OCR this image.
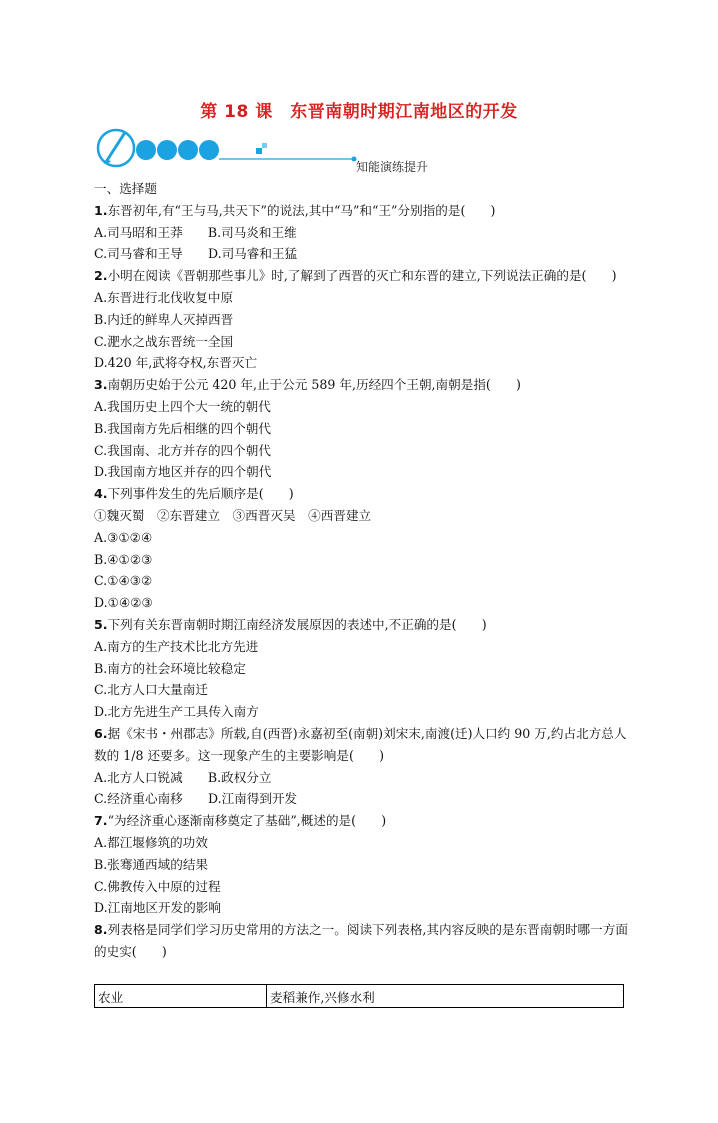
第 18 课　东晋南朝时期江南地区的开发
知能演练提升
一、选择题
1.东晋初年,有“王与马,共天下”的说法,其中“马”和“王”分别指的是(　　)
A.司马昭和王莽　　B.司马炎和王维
C.司马睿和王导　　D.司马睿和王猛
2.小明在阅读《晋朝那些事儿》时,了解到了西晋的灭亡和东晋的建立,下列说法正确的是(　　)
A.东晋进行北伐收复中原
B.内迁的鲜卑人灭掉西晋
C.淝水之战东晋统一全国
D.420 年,武将夺权,东晋灭亡
3.南朝历史始于公元 420 年,止于公元 589 年,历经四个王朝,南朝是指(　　)
A.我国历史上四个大一统的朝代
B.我国南方先后相继的四个朝代
C.我国南、北方并存的四个朝代
D.我国南方地区并存的四个朝代
4.下列事件发生的先后顺序是(　　)
①魏灭蜀　②东晋建立　③西晋灭吴　④西晋建立
A.③①②④
B.④①②③
C.①④③②
D.①④②③
5.下列有关东晋南朝时期江南经济发展原因的表述中,不正确的是(　　)
A.南方的生产技术比北方先进
B.南方的社会环境比较稳定
C.北方人口大量南迁
D.北方先进生产工具传入南方
6.据《宋书・州郡志》所载,自(西晋)永嘉初至(南朝)刘宋末,南渡(迁)人口约 90 万,约占北方总人数的 1/8 还要多。这一现象产生的主要影响是(　　)
A.北方人口锐减　　B.政权分立
C.经济重心南移　　D.江南得到开发
7.“为经济重心逐渐南移奠定了基础”,概述的是(　　)
A.都江堰修筑的功效
B.张骞通西域的结果
C.佛教传入中原的过程
D.江南地区开发的影响
8.列表格是同学们学习历史常用的方法之一。阅读下列表格,其内容反映的是东晋南朝时哪一方面的史实(　　)
农业	麦稻兼作,兴修水利
